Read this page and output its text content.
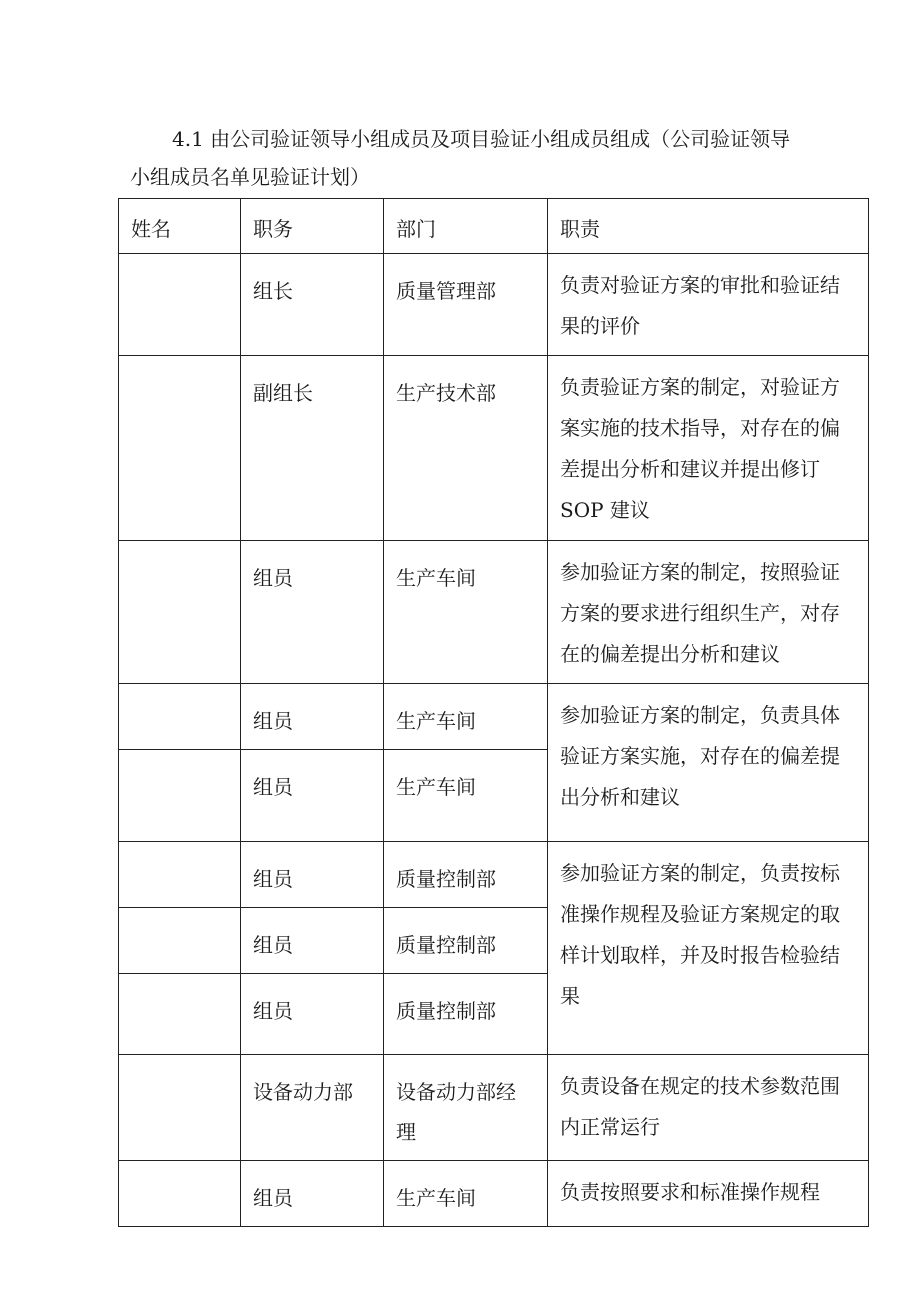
4.1 由公司验证领导小组成员及项目验证小组成员组成（公司验证领导
小组成员名单见验证计划）

姓名	职务	部门	职责
	组长	质量管理部	负责对验证方案的审批和验证结果的评价
	副组长	生产技术部	负责验证方案的制定，对验证方案实施的技术指导，对存在的偏差提出分析和建议并提出修订 SOP 建议
	组员	生产车间	参加验证方案的制定，按照验证方案的要求进行组织生产，对存在的偏差提出分析和建议
	组员	生产车间	参加验证方案的制定，负责具体验证方案实施，对存在的偏差提出分析和建议
	组员	生产车间	
	组员	质量控制部	参加验证方案的制定，负责按标准操作规程及验证方案规定的取样计划取样，并及时报告检验结果
	组员	质量控制部	
	组员	质量控制部	
	设备动力部	设备动力部经理	负责设备在规定的技术参数范围内正常运行
	组员	生产车间	负责按照要求和标准操作规程
